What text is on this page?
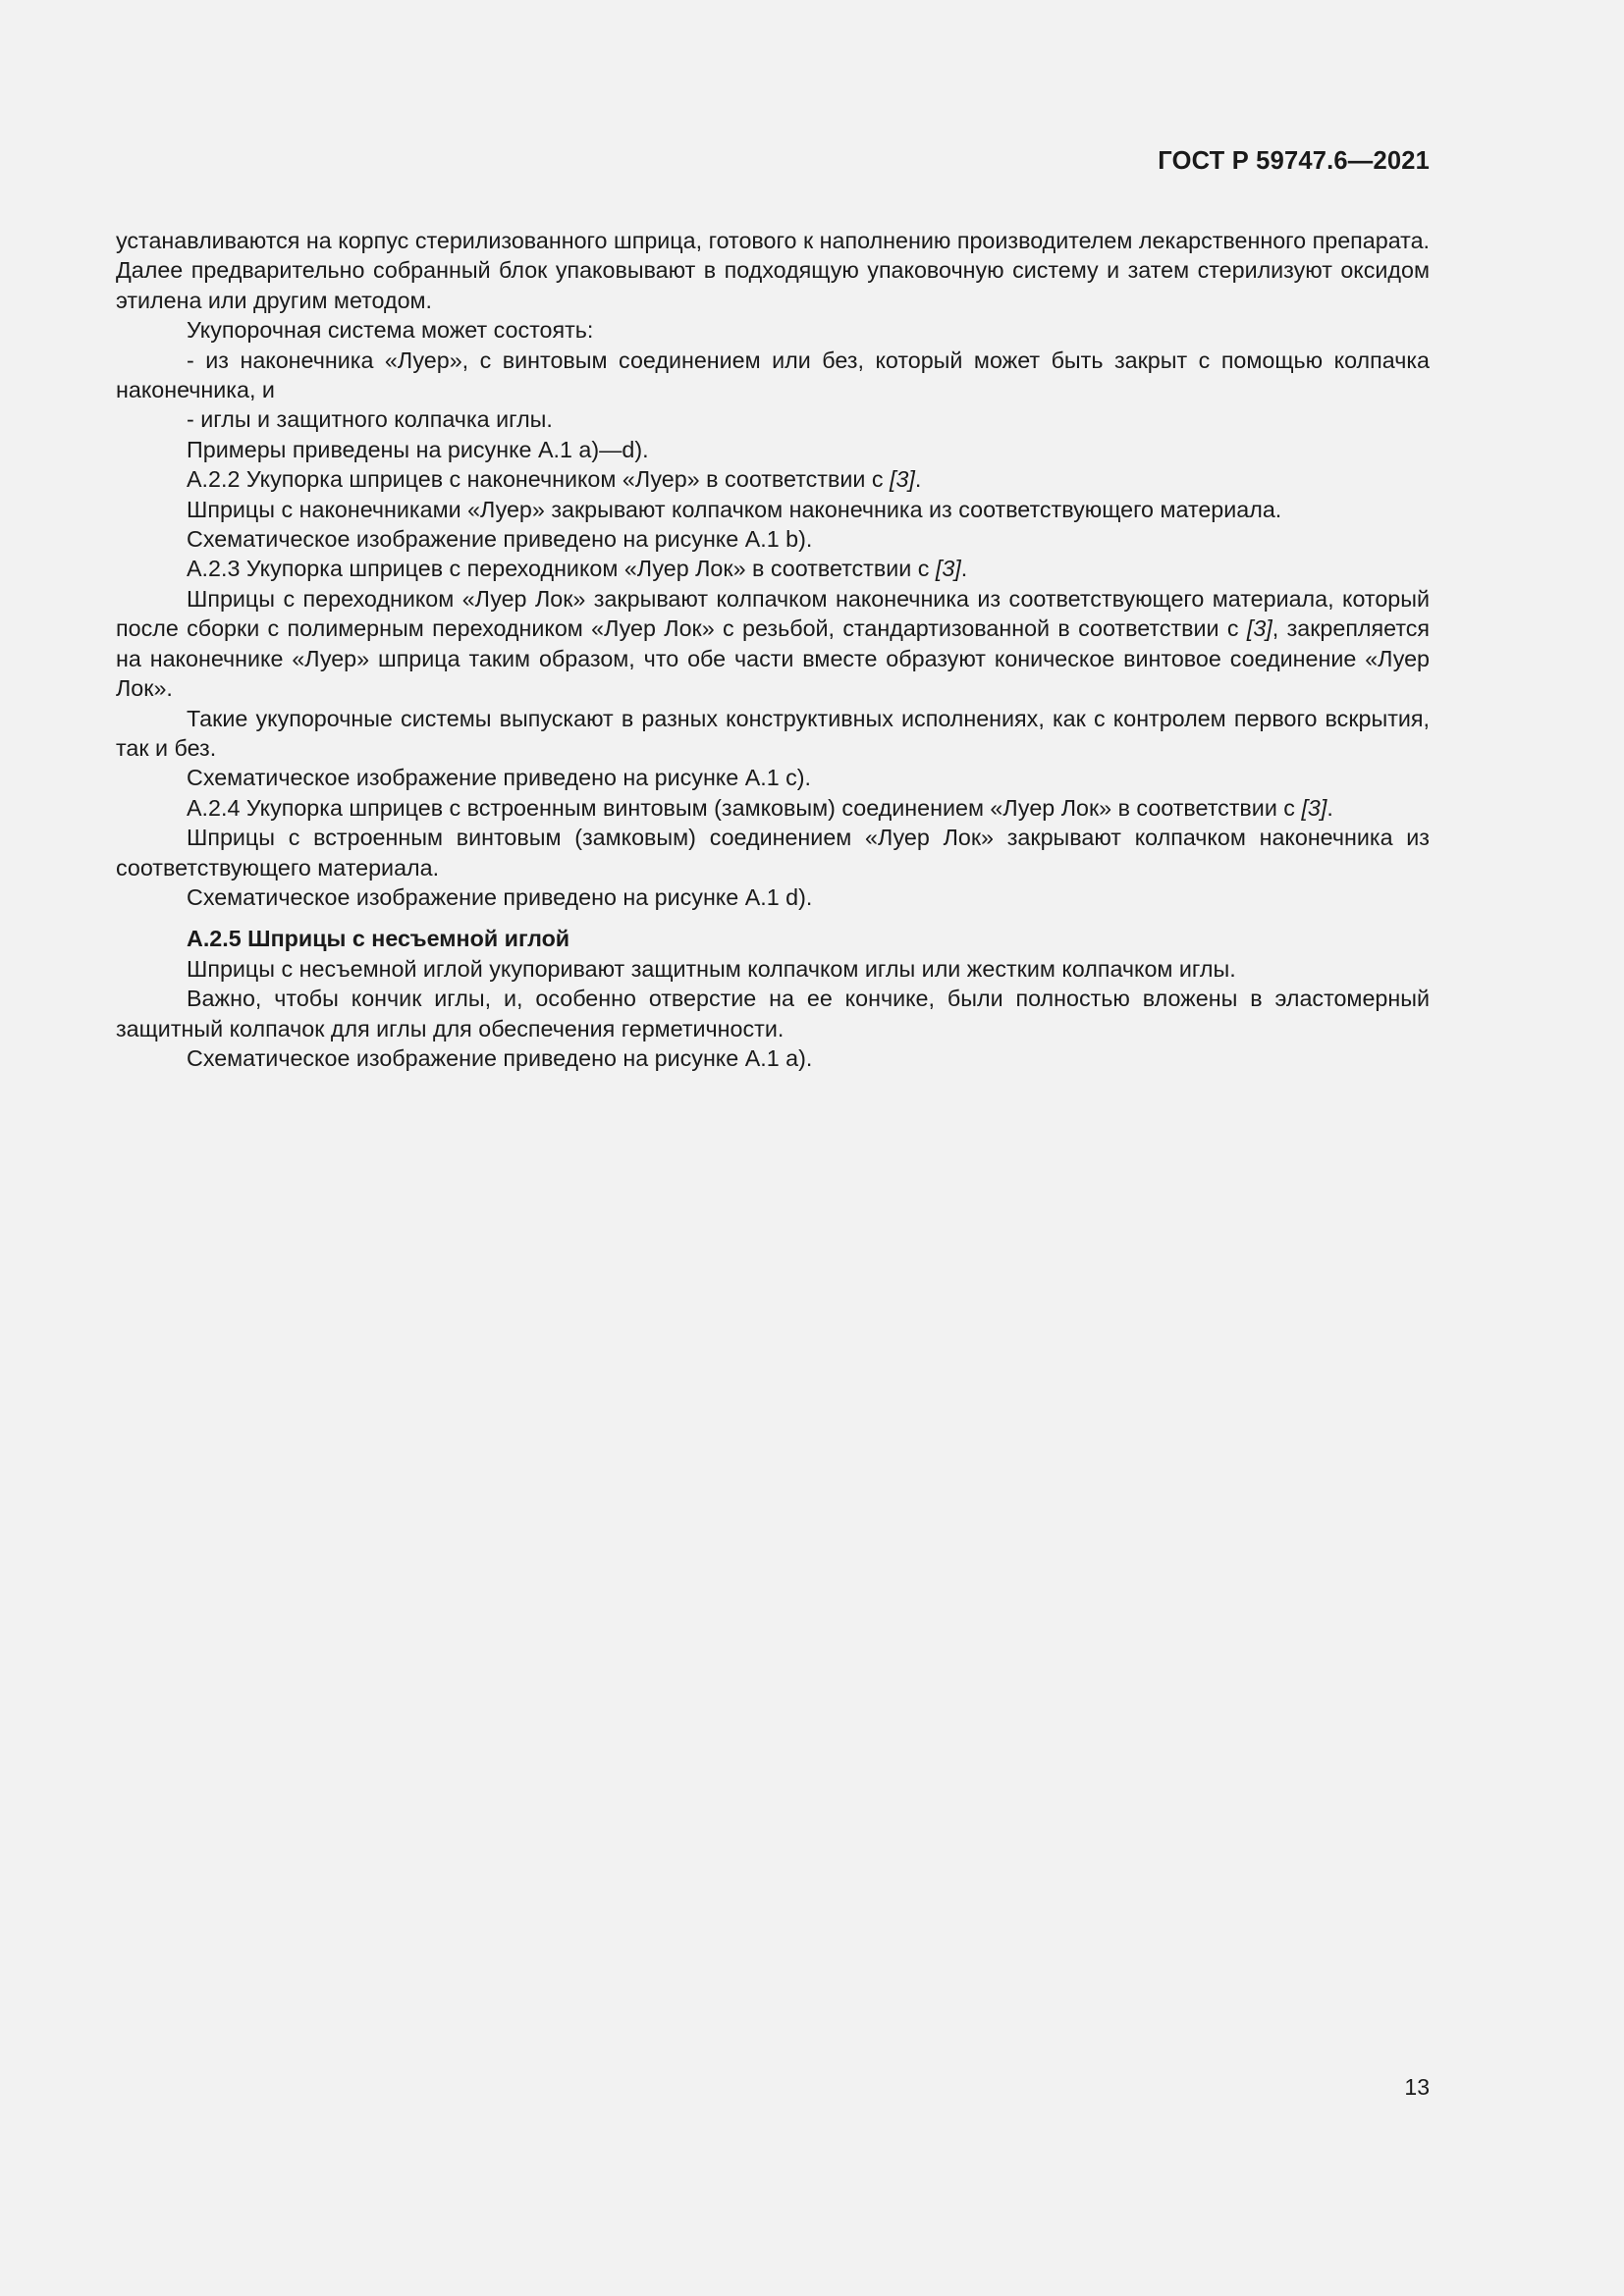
ГОСТ Р 59747.6—2021

устанавливаются на корпус стерилизованного шприца, готового к наполнению производителем лекарственного препарата. Далее предварительно собранный блок упаковывают в подходящую упаковочную систему и затем стерилизуют оксидом этилена или другим методом.

Укупорочная система может состоять:

- из наконечника «Луер», с винтовым соединением или без, который может быть закрыт с помощью колпачка наконечника, и

- иглы и защитного колпачка иглы.

Примеры приведены на рисунке А.1 а)—d).

А.2.2 Укупорка шприцев с наконечником «Луер» в соответствии с [3].

Шприцы с наконечниками «Луер» закрывают колпачком наконечника из соответствующего материала.

Схематическое изображение приведено на рисунке А.1 b).

А.2.3 Укупорка шприцев с переходником «Луер Лок» в соответствии с [3].

Шприцы с переходником «Луер Лок» закрывают колпачком наконечника из соответствующего материала, который после сборки с полимерным переходником «Луер Лок» с резьбой, стандартизованной в соответствии с [3], закрепляется на наконечнике «Луер» шприца таким образом, что обе части вместе образуют коническое винтовое соединение «Луер Лок».

Такие укупорочные системы выпускают в разных конструктивных исполнениях, как с контролем первого вскрытия, так и без.

Схематическое изображение приведено на рисунке А.1 с).

А.2.4 Укупорка шприцев с встроенным винтовым (замковым) соединением «Луер Лок» в соответствии с [3].

Шприцы с встроенным винтовым (замковым) соединением «Луер Лок» закрывают колпачком наконечника из соответствующего материала.

Схематическое изображение приведено на рисунке А.1 d).

А.2.5 Шприцы с несъемной иглой

Шприцы с несъемной иглой укупоривают защитным колпачком иглы или жестким колпачком иглы.

Важно, чтобы кончик иглы, и, особенно отверстие на ее кончике, были полностью вложены в эластомерный защитный колпачок для иглы для обеспечения герметичности.

Схематическое изображение приведено на рисунке А.1 а).

13
